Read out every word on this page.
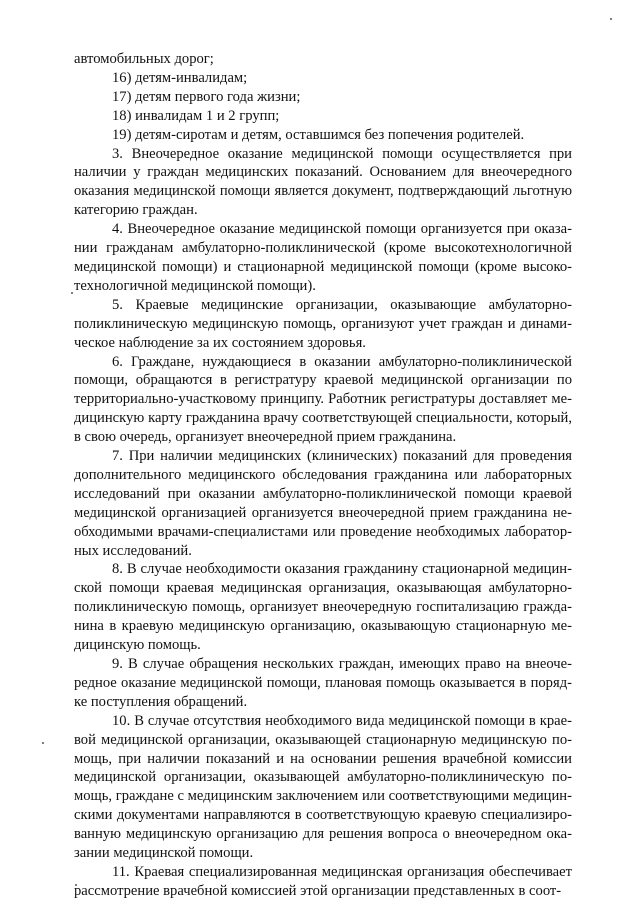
автомобильных дорог;

16) детям-инвалидам;

17) детям первого года жизни;

18) инвалидам 1 и 2 групп;

19) детям-сиротам и детям, оставшимся без попечения родителей.

3. Внеочередное оказание медицинской помощи осуществляется при наличии у граждан медицинских показаний. Основанием для внеочередного оказания медицинской помощи является документ, подтверждающий льготную категорию граждан.

4. Внеочередное оказание медицинской помощи организуется при оказании гражданам амбулаторно-поликлинической (кроме высокотехнологичной медицинской помощи) и стационарной медицинской помощи (кроме высокотехнологичной медицинской помощи).

5. Краевые медицинские организации, оказывающие амбулаторно-поликлиническую медицинскую помощь, организуют учет граждан и динамическое наблюдение за их состоянием здоровья.

6. Граждане, нуждающиеся в оказании амбулаторно-поликлинической помощи, обращаются в регистратуру краевой медицинской организации по территориально-участковому принципу. Работник регистратуры доставляет медицинскую карту гражданина врачу соответствующей специальности, который, в свою очередь, организует внеочередной прием гражданина.

7. При наличии медицинских (клинических) показаний для проведения дополнительного медицинского обследования гражданина или лабораторных исследований при оказании амбулаторно-поликлинической помощи краевой медицинской организацией организуется внеочередной прием гражданина необходимыми врачами-специалистами или проведение необходимых лабораторных исследований.

8. В случае необходимости оказания гражданину стационарной медицинской помощи краевая медицинская организация, оказывающая амбулаторно-поликлиническую помощь, организует внеочередную госпитализацию гражданина в краевую медицинскую организацию, оказывающую стационарную медицинскую помощь.

9. В случае обращения нескольких граждан, имеющих право на внеочередное оказание медицинской помощи, плановая помощь оказывается в порядке поступления обращений.

10. В случае отсутствия необходимого вида медицинской помощи в краевой медицинской организации, оказывающей стационарную медицинскую помощь, при наличии показаний и на основании решения врачебной комиссии медицинской организации, оказывающей амбулаторно-поликлиническую помощь, граждане с медицинским заключением или соответствующими медицинскими документами направляются в соответствующую краевую специализированную медицинскую организацию для решения вопроса о внеочередном оказании медицинской помощи.

11. Краевая специализированная медицинская организация обеспечивает рассмотрение врачебной комиссией этой организации представленных в соот-
